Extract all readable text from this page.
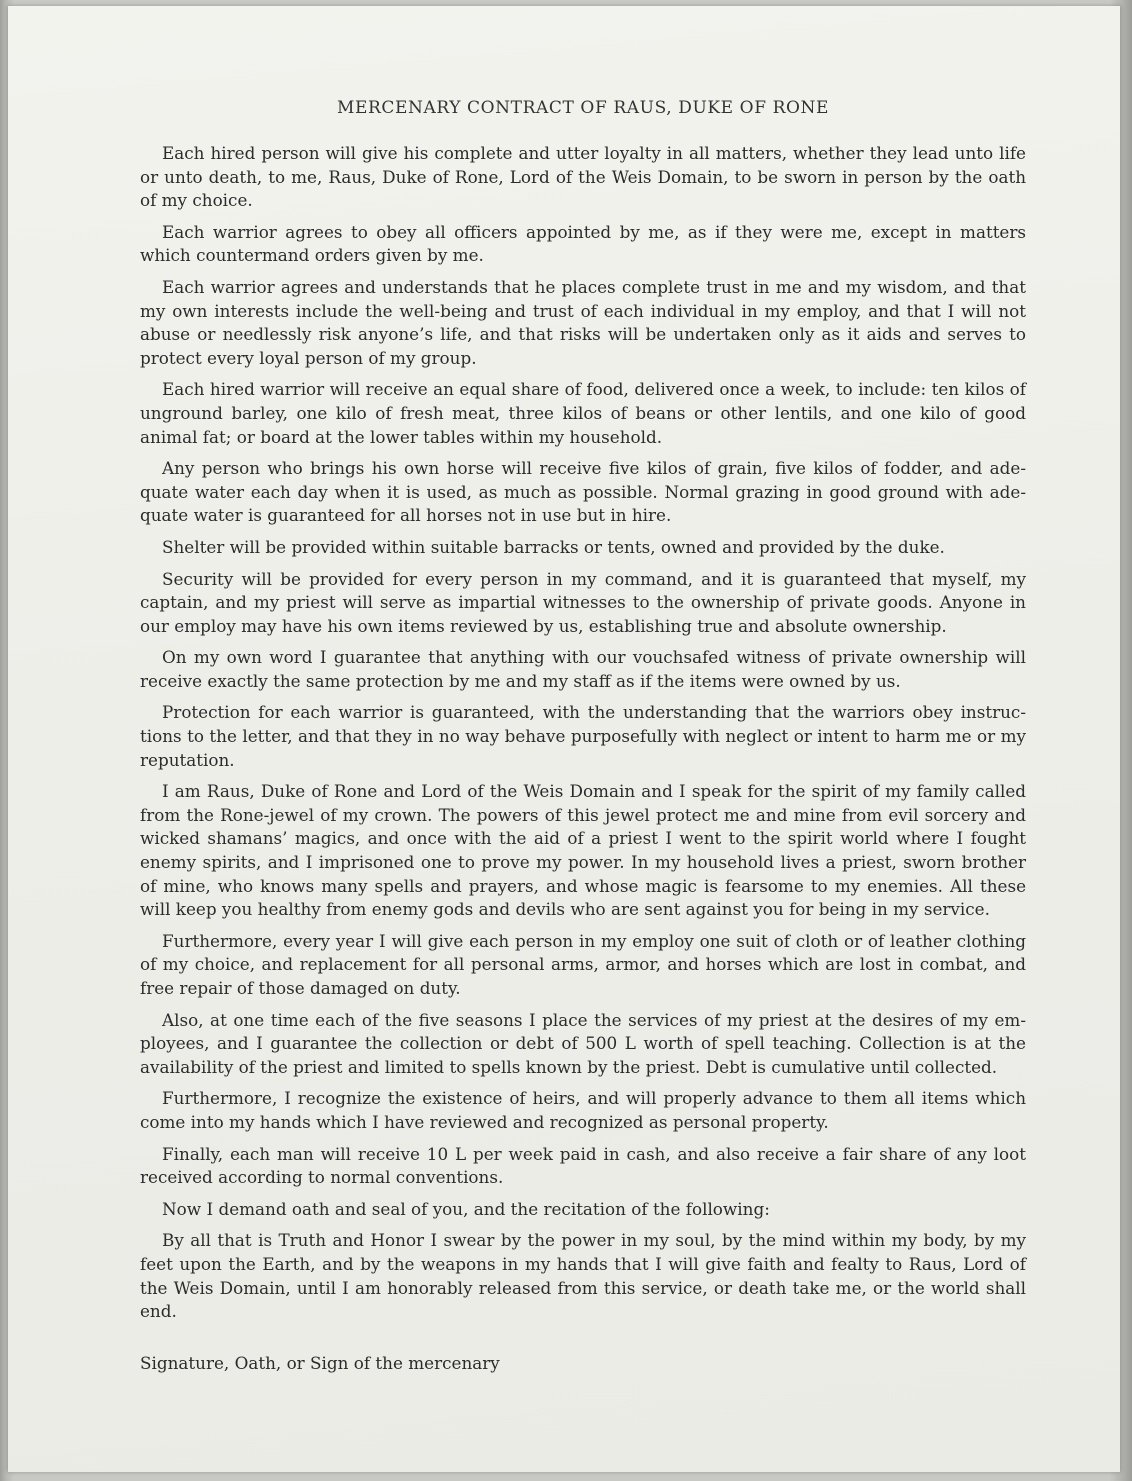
MERCENARY CONTRACT OF RAUS, DUKE OF RONE

Each hired person will give his complete and utter loyalty in all matters, whether they lead unto life or unto death, to me, Raus, Duke of Rone, Lord of the Weis Domain, to be sworn in person by the oath of my choice.

Each warrior agrees to obey all officers appointed by me, as if they were me, except in matters which countermand orders given by me.

Each warrior agrees and understands that he places complete trust in me and my wisdom, and that my own interests include the well-being and trust of each individual in my employ, and that I will not abuse or needlessly risk anyone’s life, and that risks will be undertaken only as it aids and serves to protect every loyal person of my group.

Each hired warrior will receive an equal share of food, delivered once a week, to include: ten kilos of unground barley, one kilo of fresh meat, three kilos of beans or other lentils, and one kilo of good animal fat; or board at the lower tables within my household.

Any person who brings his own horse will receive five kilos of grain, five kilos of fodder, and ade-quate water each day when it is used, as much as possible. Normal grazing in good ground with ade-quate water is guaranteed for all horses not in use but in hire.

Shelter will be provided within suitable barracks or tents, owned and provided by the duke.

Security will be provided for every person in my command, and it is guaranteed that myself, my captain, and my priest will serve as impartial witnesses to the ownership of private goods. Anyone in our employ may have his own items reviewed by us, establishing true and absolute ownership.

On my own word I guarantee that anything with our vouchsafed witness of private ownership will receive exactly the same protection by me and my staff as if the items were owned by us.

Protection for each warrior is guaranteed, with the understanding that the warriors obey instruc-tions to the letter, and that they in no way behave purposefully with neglect or intent to harm me or my reputation.

I am Raus, Duke of Rone and Lord of the Weis Domain and I speak for the spirit of my family called from the Rone-jewel of my crown. The powers of this jewel protect me and mine from evil sorcery and wicked shamans’ magics, and once with the aid of a priest I went to the spirit world where I fought enemy spirits, and I imprisoned one to prove my power. In my household lives a priest, sworn brother of mine, who knows many spells and prayers, and whose magic is fearsome to my enemies. All these will keep you healthy from enemy gods and devils who are sent against you for being in my service.

Furthermore, every year I will give each person in my employ one suit of cloth or of leather clothing of my choice, and replacement for all personal arms, armor, and horses which are lost in combat, and free repair of those damaged on duty.

Also, at one time each of the five seasons I place the services of my priest at the desires of my em-ployees, and I guarantee the collection or debt of 500 L worth of spell teaching. Collection is at the availability of the priest and limited to spells known by the priest. Debt is cumulative until collected.

Furthermore, I recognize the existence of heirs, and will properly advance to them all items which come into my hands which I have reviewed and recognized as personal property.

Finally, each man will receive 10 L per week paid in cash, and also receive a fair share of any loot received according to normal conventions.

Now I demand oath and seal of you, and the recitation of the following:

By all that is Truth and Honor I swear by the power in my soul, by the mind within my body, by my feet upon the Earth, and by the weapons in my hands that I will give faith and fealty to Raus, Lord of the Weis Domain, until I am honorably released from this service, or death take me, or the world shall end.

Signature, Oath, or Sign of the mercenary
